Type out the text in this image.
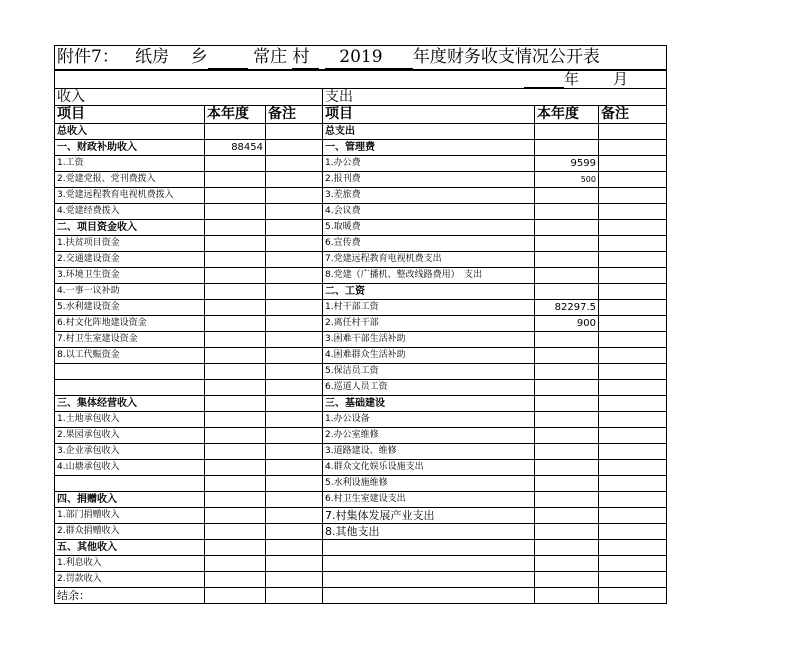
附件7： 纸房 乡 常庄 村 2019 年度财务收支情况公开表					
年 月					
收入			支出		
项目	本年度	备注	项目	本年度	备注
总收入			总支出		
一、财政补助收入	88454		一、管理费		
1.工资			1.办公费	9599	
2.党建党报、党刊费拨入			2.报刊费	500	
3.党建远程教育电视机费拨入			3.差旅费		
4.党建经费拨入			4.会议费		
二、项目资金收入			5.取暖费		
1.扶贫项目资金			6.宣传费		
2.交通建设资金			7.党建远程教育电视机费支出		
3.环境卫生资金			8.党建（广播机、整改线路费用）　支出		
4.一事一议补助			二、工资		
5.水利建设资金			1.村干部工资	82297.5	
6.村文化阵地建设资金			2.离任村干部	900	
7.村卫生室建设资金			3.困难干部生活补助		
8.以工代赈资金			4.困难群众生活补助		
			5.保洁员工资		
			6.巡道人员工资		
三、集体经营收入			三、基础建设		
1.土地承包收入			1.办公设备		
2.果园承包收入			2.办公室维修		
3.企业承包收入			3.道路建设、维修		
4.山塘承包收入			4.群众文化娱乐设施支出		
			5.水利设施维修		
四、捐赠收入			6.村卫生室建设支出		
1.部门捐赠收入			7.村集体发展产业支出		
2.群众捐赠收入			8.其他支出		
五、其他收入					
1.利息收入					
2.罚款收入					
结余：					
